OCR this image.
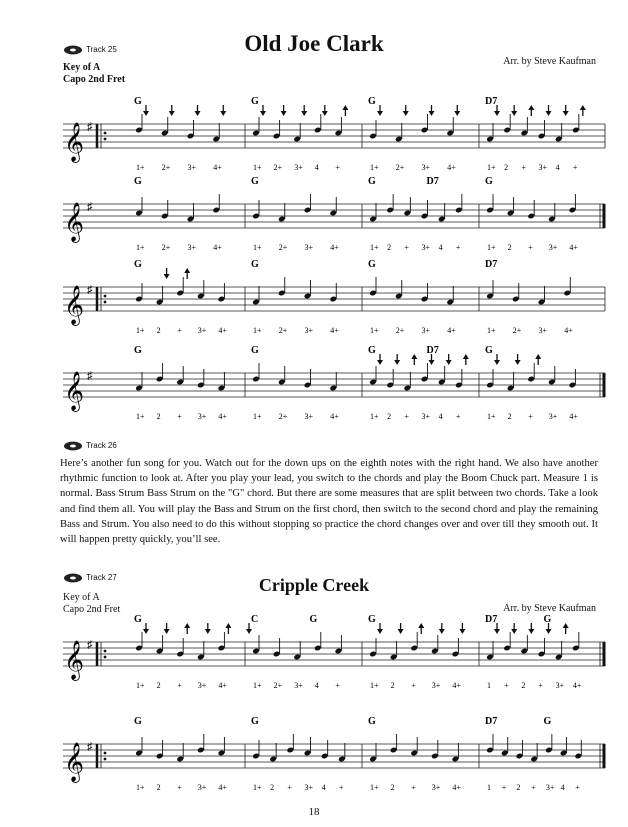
Track 25	Old Joe Clark
Key of A
Capo 2nd Fret
Arr. by Steve Kaufman
𝄞 ♯
1+ 2+ 3+ 4+	1+ 2+ 3+ 4 +	1+ 2+ 3+ 4+	1+ 2 + 3+ 4 +
G	G	G	D7
𝄞 ♯
1+ 2+ 3+ 4+	1+ 2+ 3+ 4+	1+ 2 + 3+ 4 +	1+ 2 + 3+ 4+
G	G	G	D7	G
𝄞 ♯
1+ 2 + 3+ 4+	1+ 2+ 3+ 4+	1+ 2+ 3+ 4+	1+ 2+ 3+ 4+
G	G	G	D7
𝄞 ♯
1+ 2 + 3+ 4+	1+ 2+ 3+ 4+	1+ 2 + 3+ 4 +	1+ 2 + 3+ 4+
G	G	G	D7	G
𝄞 ♯
1+ 2 + 3+ 4+	1+ 2+ 3+ 4 +	1+ 2 + 3+ 4+	1 + 2 + 3+ 4+
G	C	G	G	D7	G
𝄞 ♯
1+ 2 + 3+ 4+	1+ 2 + 3+ 4 +	1+ 2 + 3+ 4+	1 + 2 + 3+ 4 +
G	G	G	D7	G
Track 26
Here’s another fun song for you. Watch out for the down ups on the eighth notes with the right hand. We also have another rhythmic function to look at. After you play your lead, you switch to the chords and play the Boom Chuck part. Measure 1 is normal. Bass Strum Bass Strum on the "G" chord. But there are some measures that are split between two chords. Take a look and find them all. You will play the Bass and Strum on the first chord, then switch to the second chord and play the remaining Bass and Strum. You also need to do this without stopping so practice the chord changes over and over till they smooth out. It will happen pretty quickly, you’ll see.
Track 27	Cripple Creek
Key of A
Capo 2nd Fret	Arr. by Steve Kaufman
18
